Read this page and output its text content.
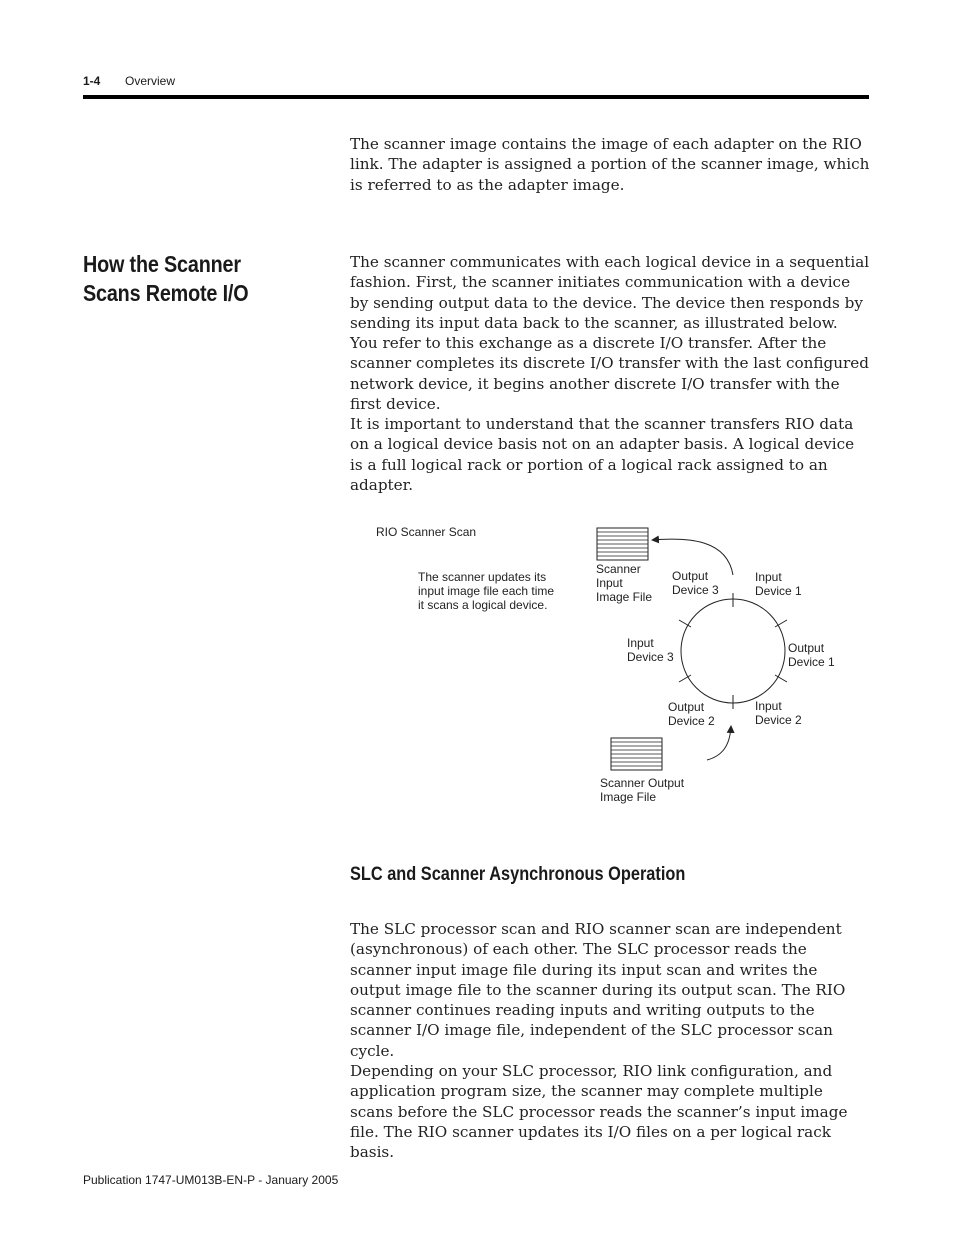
1-4 Overview

The scanner image contains the image of each adapter on the RIO link. The adapter is assigned a portion of the scanner image, which is referred to as the adapter image.

How the Scanner Scans Remote I/O

The scanner communicates with each logical device in a sequential fashion. First, the scanner initiates communication with a device by sending output data to the device. The device then responds by sending its input data back to the scanner, as illustrated below. You refer to this exchange as a discrete I/O transfer. After the scanner completes its discrete I/O transfer with the last configured network device, it begins another discrete I/O transfer with the first device.

It is important to understand that the scanner transfers RIO data on a logical device basis not on an adapter basis. A logical device is a full logical rack or portion of a logical rack assigned to an adapter.

RIO Scanner Scan
The scanner updates its input image file each time it scans a logical device.
Scanner Input Image File
Output Device 3
Input Device 1
Output Device 1
Input Device 3
Output Device 2
Input Device 2
Scanner Output Image File
SLC and Scanner Asynchronous Operation

The SLC processor scan and RIO scanner scan are independent (asynchronous) of each other. The SLC processor reads the scanner input image file during its input scan and writes the output image file to the scanner during its output scan. The RIO scanner continues reading inputs and writing outputs to the scanner I/O image file, independent of the SLC processor scan cycle.

Depending on your SLC processor, RIO link configuration, and application program size, the scanner may complete multiple scans before the SLC processor reads the scanner’s input image file. The RIO scanner updates its I/O files on a per logical rack basis.

Publication 1747-UM013B-EN-P - January 2005
